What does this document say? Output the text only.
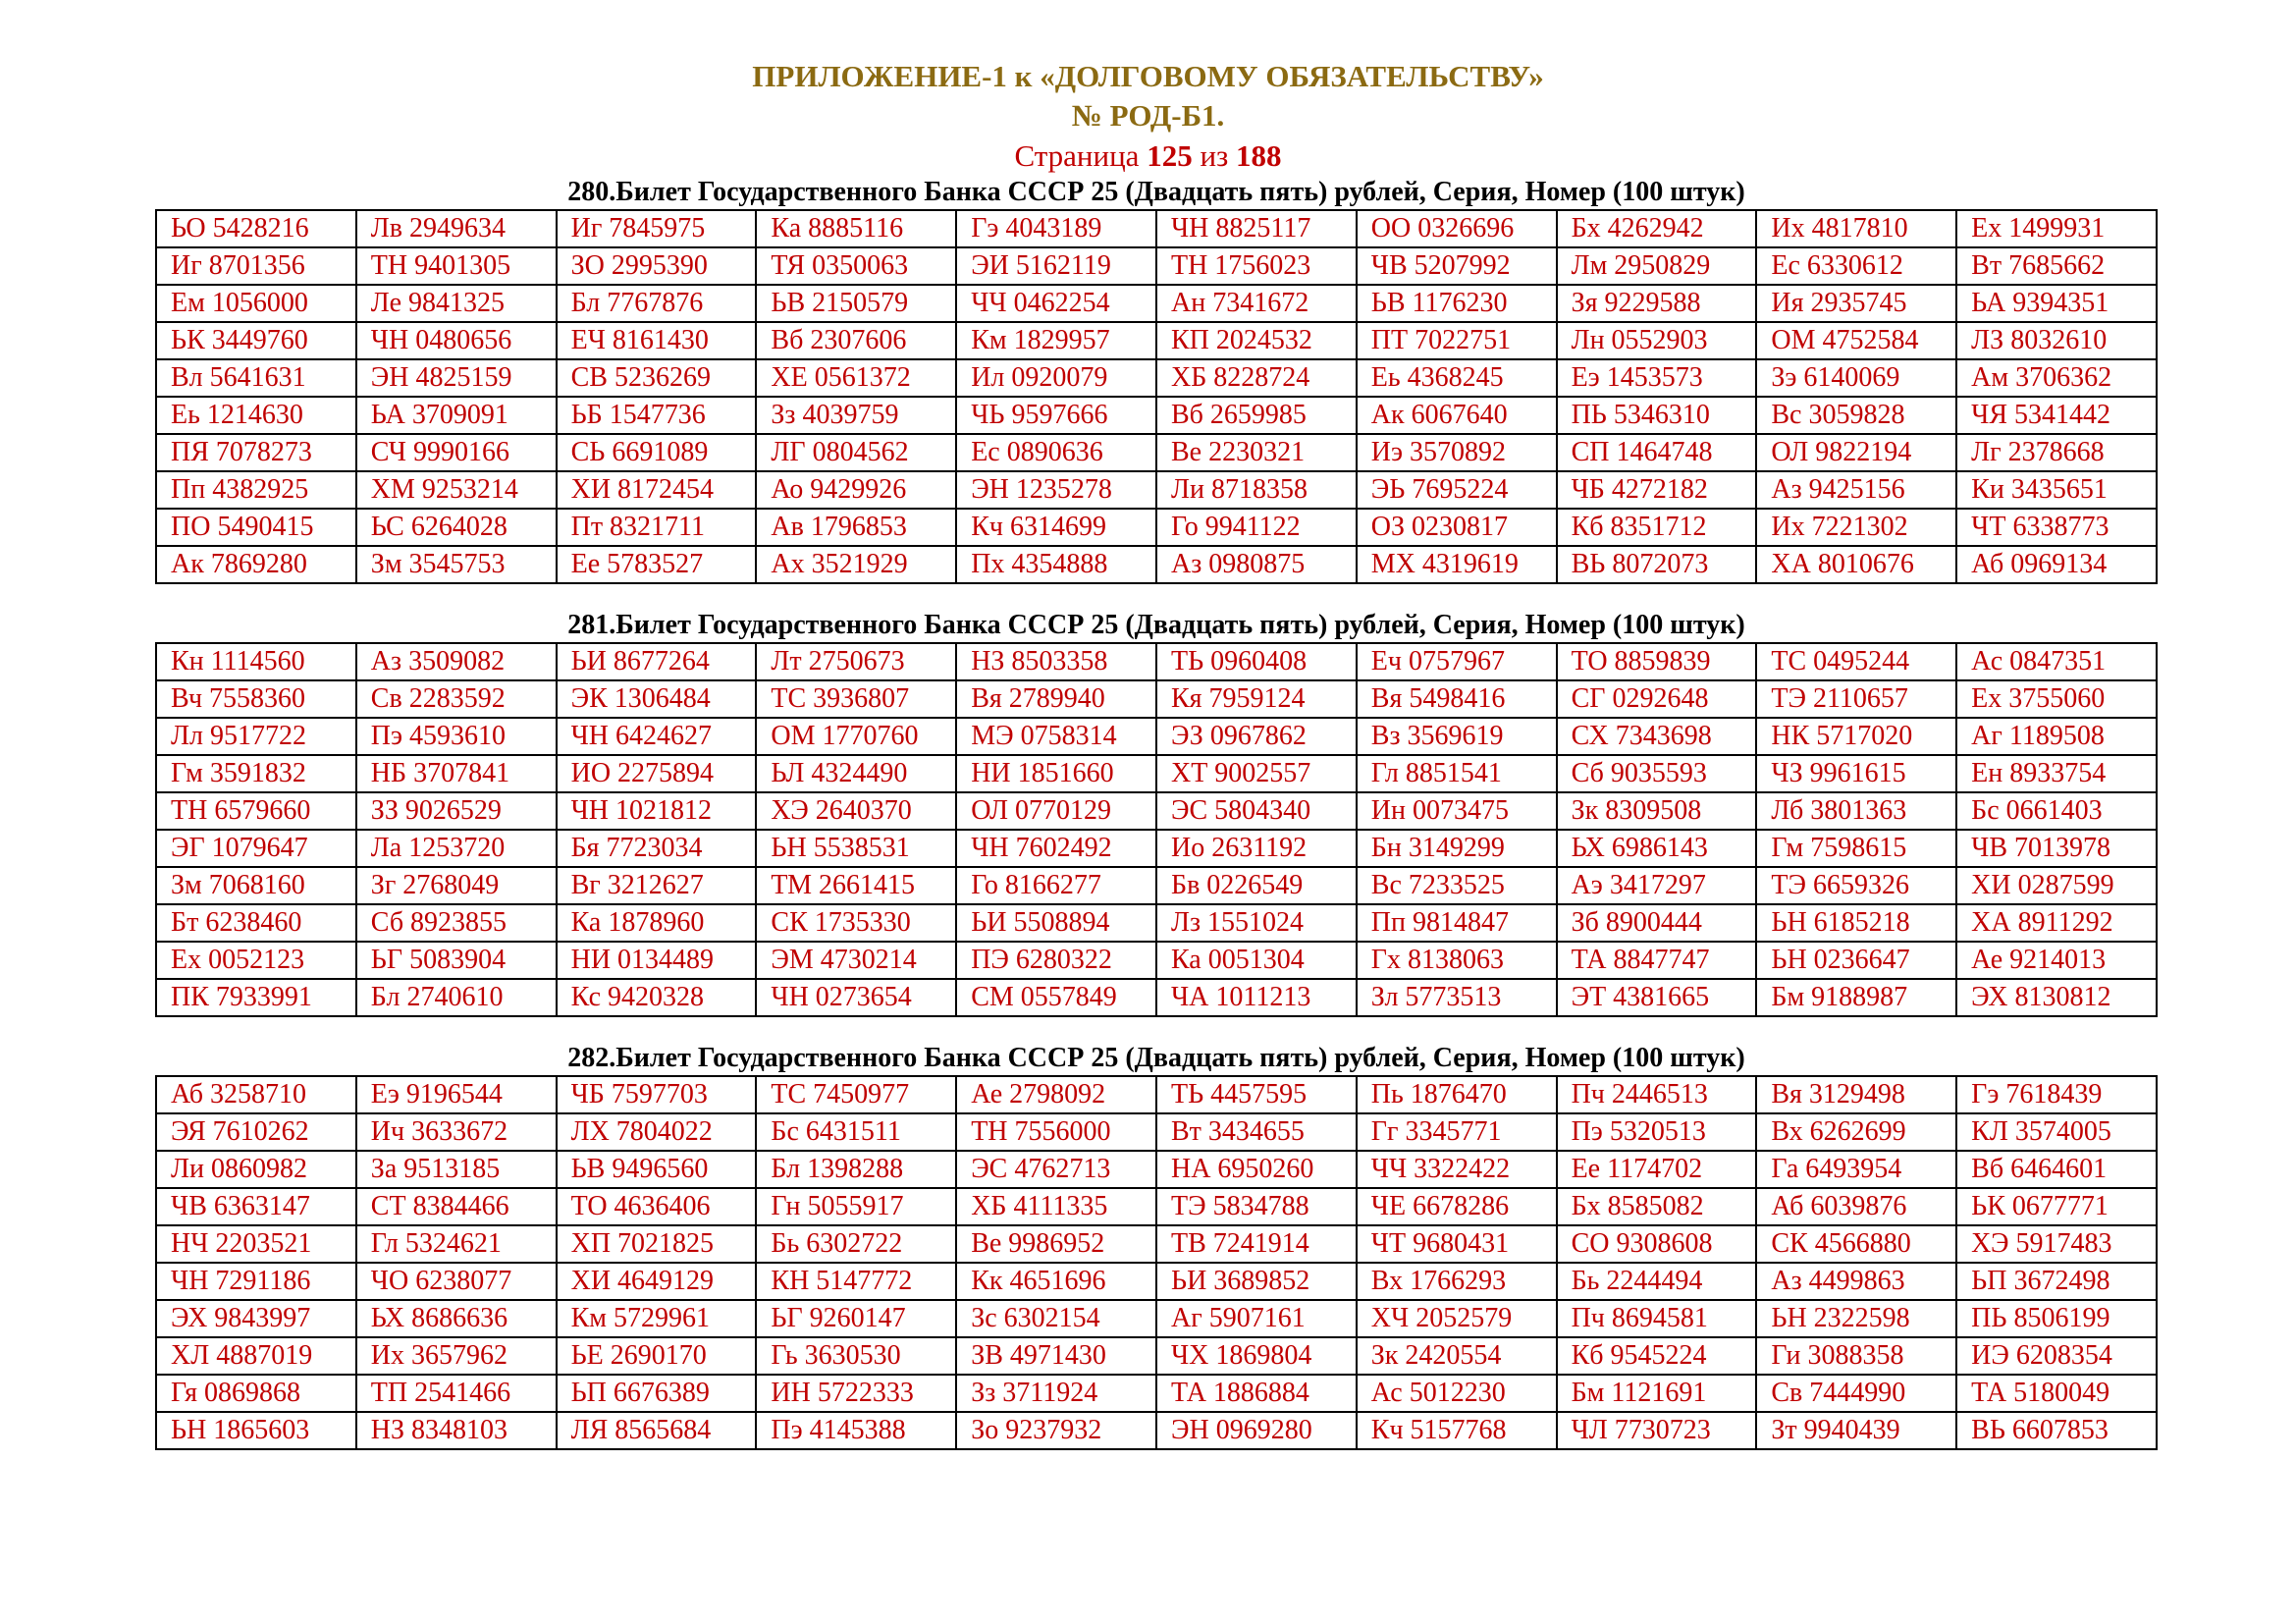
ПРИЛОЖЕНИЕ-1 к «ДОЛГОВОМУ ОБЯЗАТЕЛЬСТВУ»
№ РОД-Б1.
Страница 125 из 188
280.Билет Государственного Банка СССР 25 (Двадцать пять) рублей, Серия, Номер (100 штук)
ЬО 5428216	Лв 2949634	Иг 7845975	Ка 8885116	Гэ 4043189	ЧН 8825117	ОО 0326696	Бх 4262942	Их 4817810	Ех 1499931
Иг 8701356	ТН 9401305	ЗО 2995390	ТЯ 0350063	ЭИ 5162119	ТН 1756023	ЧВ 5207992	Лм 2950829	Ес 6330612	Вт 7685662
Ем 1056000	Ле 9841325	Бл 7767876	ЬВ 2150579	ЧЧ 0462254	Ан 7341672	ЬВ 1176230	Зя 9229588	Ия 2935745	ЬА 9394351
ЬК 3449760	ЧН 0480656	ЕЧ 8161430	Вб 2307606	Км 1829957	КП 2024532	ПТ 7022751	Лн 0552903	ОМ 4752584	ЛЗ 8032610
Вл 5641631	ЭН 4825159	СВ 5236269	ХЕ 0561372	Ил 0920079	ХБ 8228724	Еь 4368245	Еэ 1453573	Зэ 6140069	Ам 3706362
Еь 1214630	ЬА 3709091	ЬБ 1547736	Зз 4039759	ЧЬ 9597666	Вб 2659985	Ак 6067640	ПЬ 5346310	Вс 3059828	ЧЯ 5341442
ПЯ 7078273	СЧ 9990166	СЬ 6691089	ЛГ 0804562	Ес 0890636	Ве 2230321	Иэ 3570892	СП 1464748	ОЛ 9822194	Лг 2378668
Пп 4382925	ХМ 9253214	ХИ 8172454	Ао 9429926	ЭН 1235278	Ли 8718358	ЭЬ 7695224	ЧБ 4272182	Аз 9425156	Ки 3435651
ПО 5490415	ЬС 6264028	Пт 8321711	Ав 1796853	Кч 6314699	Го 9941122	ОЗ 0230817	Кб 8351712	Их 7221302	ЧТ 6338773
Ак 7869280	Зм 3545753	Ее 5783527	Ах 3521929	Пх 4354888	Аз 0980875	МХ 4319619	ВЬ 8072073	ХА 8010676	Аб 0969134
281.Билет Государственного Банка СССР 25 (Двадцать пять) рублей, Серия, Номер (100 штук)
Кн 1114560	Аз 3509082	ЬИ 8677264	Лт 2750673	НЗ 8503358	ТЬ 0960408	Еч 0757967	ТО 8859839	ТС 0495244	Ас 0847351
Вч 7558360	Св 2283592	ЭК 1306484	ТС 3936807	Вя 2789940	Кя 7959124	Вя 5498416	СГ 0292648	ТЭ 2110657	Ех 3755060
Лл 9517722	Пэ 4593610	ЧН 6424627	ОМ 1770760	МЭ 0758314	ЭЗ 0967862	Вз 3569619	СХ 7343698	НК 5717020	Аг 1189508
Гм 3591832	НБ 3707841	ИО 2275894	ЬЛ 4324490	НИ 1851660	ХТ 9002557	Гл 8851541	Сб 9035593	ЧЗ 9961615	Ен 8933754
ТН 6579660	ЗЗ 9026529	ЧН 1021812	ХЭ 2640370	ОЛ 0770129	ЭС 5804340	Ин 0073475	Зк 8309508	Лб 3801363	Бс 0661403
ЭГ 1079647	Ла 1253720	Бя 7723034	ЬН 5538531	ЧН 7602492	Ио 2631192	Бн 3149299	ЬХ 6986143	Гм 7598615	ЧВ 7013978
Зм 7068160	Зг 2768049	Вг 3212627	ТМ 2661415	Го 8166277	Бв 0226549	Вс 7233525	Аэ 3417297	ТЭ 6659326	ХИ 0287599
Бт 6238460	Сб 8923855	Ка 1878960	СК 1735330	ЬИ 5508894	Лз 1551024	Пп 9814847	Зб 8900444	ЬН 6185218	ХА 8911292
Ех 0052123	ЬГ 5083904	НИ 0134489	ЭМ 4730214	ПЭ 6280322	Ка 0051304	Гх 8138063	ТА 8847747	ЬН 0236647	Ае 9214013
ПК 7933991	Бл 2740610	Кс 9420328	ЧН 0273654	СМ 0557849	ЧА 1011213	Зл 5773513	ЭТ 4381665	Бм 9188987	ЭХ 8130812
282.Билет Государственного Банка СССР 25 (Двадцать пять) рублей, Серия, Номер (100 штук)
Аб 3258710	Еэ 9196544	ЧБ 7597703	ТС 7450977	Ае 2798092	ТЬ 4457595	Пь 1876470	Пч 2446513	Вя 3129498	Гэ 7618439
ЭЯ 7610262	Ич 3633672	ЛХ 7804022	Бс 6431511	ТН 7556000	Вт 3434655	Гг 3345771	Пэ 5320513	Вх 6262699	КЛ 3574005
Ли 0860982	За 9513185	ЬВ 9496560	Бл 1398288	ЭС 4762713	НА 6950260	ЧЧ 3322422	Ее 1174702	Га 6493954	Вб 6464601
ЧВ 6363147	СТ 8384466	ТО 4636406	Гн 5055917	ХБ 4111335	ТЭ 5834788	ЧЕ 6678286	Бх 8585082	Аб 6039876	ЬК 0677771
НЧ 2203521	Гл 5324621	ХП 7021825	Бь 6302722	Ве 9986952	ТВ 7241914	ЧТ 9680431	СО 9308608	СК 4566880	ХЭ 5917483
ЧН 7291186	ЧО 6238077	ХИ 4649129	КН 5147772	Кк 4651696	ЬИ 3689852	Вх 1766293	Бь 2244494	Аз 4499863	ЬП 3672498
ЭХ 9843997	ЬХ 8686636	Км 5729961	ЬГ 9260147	Зс 6302154	Аг 5907161	ХЧ 2052579	Пч 8694581	ЬН 2322598	ПЬ 8506199
ХЛ 4887019	Их 3657962	ЬЕ 2690170	Гь 3630530	ЗВ 4971430	ЧХ 1869804	Зк 2420554	Кб 9545224	Ги 3088358	ИЭ 6208354
Гя 0869868	ТП 2541466	ЬП 6676389	ИН 5722333	Зз 3711924	ТА 1886884	Ас 5012230	Бм 1121691	Св 7444990	ТА 5180049
ЬН 1865603	НЗ 8348103	ЛЯ 8565684	Пэ 4145388	Зо 9237932	ЭН 0969280	Кч 5157768	ЧЛ 7730723	Зт 9940439	ВЬ 6607853
